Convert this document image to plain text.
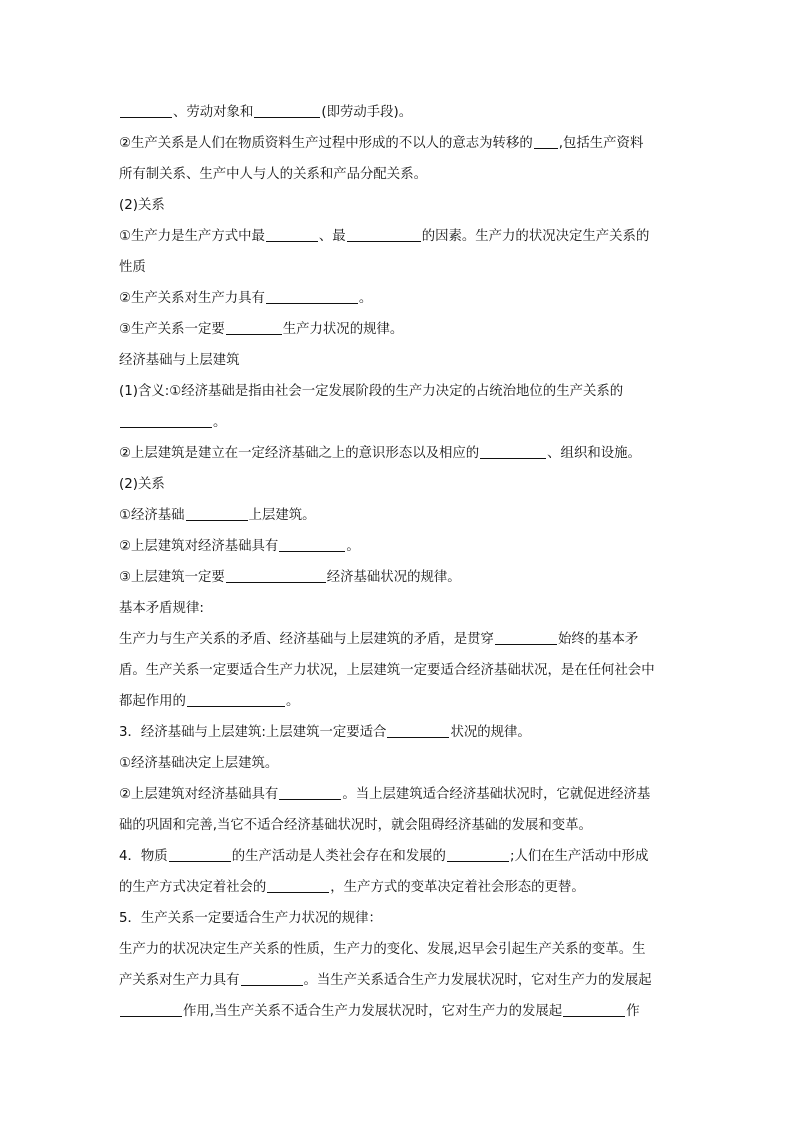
、劳动对象和	(即劳动手段)。
②生产关系是人们在物质资料生产过程中形成的不以人的意志为转移的 ,包括生产资料
所有制关系、生产中人与人的关系和产品分配关系。
(2)关系
①生产力是生产方式中最	、最	的因素。生产力的状况决定生产关系的
性质
②生产关系对生产力具有	。
③生产关系一定要	生产力状况的规律。
经济基础与上层建筑
(1)含义:①经济基础是指由社会一定发展阶段的生产力决定的占统治地位的生产关系的
。
②上层建筑是建立在一定经济基础之上的意识形态以及相应的	、组织和设施。
(2)关系
①经济基础	上层建筑。
②上层建筑对经济基础具有	。
③上层建筑一定要	经济基础状况的规律。
基本矛盾规律:
生产力与生产关系的矛盾、经济基础与上层建筑的矛盾，是贯穿	始终的基本矛
盾。生产关系一定要适合生产力状况，上层建筑一定要适合经济基础状况，是在任何社会中
都起作用的	。
3．经济基础与上层建筑:上层建筑一定要适合	状况的规律。
①经济基础决定上层建筑。
②上层建筑对经济基础具有	。当上层建筑适合经济基础状况时，它就促进经济基
础的巩固和完善,当它不适合经济基础状况时，就会阻碍经济基础的发展和变革。
4．物质	的生产活动是人类社会存在和发展的	;人们在生产活动中形成
的生产方式决定着社会的	，生产方式的变革决定着社会形态的更替。
5．生产关系一定要适合生产力状况的规律：
生产力的状况决定生产关系的性质，生产力的变化、发展,迟早会引起生产关系的变革。生
产关系对生产力具有	。当生产关系适合生产力发展状况时，它对生产力的发展起
作用,当生产关系不适合生产力发展状况时，它对生产力的发展起	作
